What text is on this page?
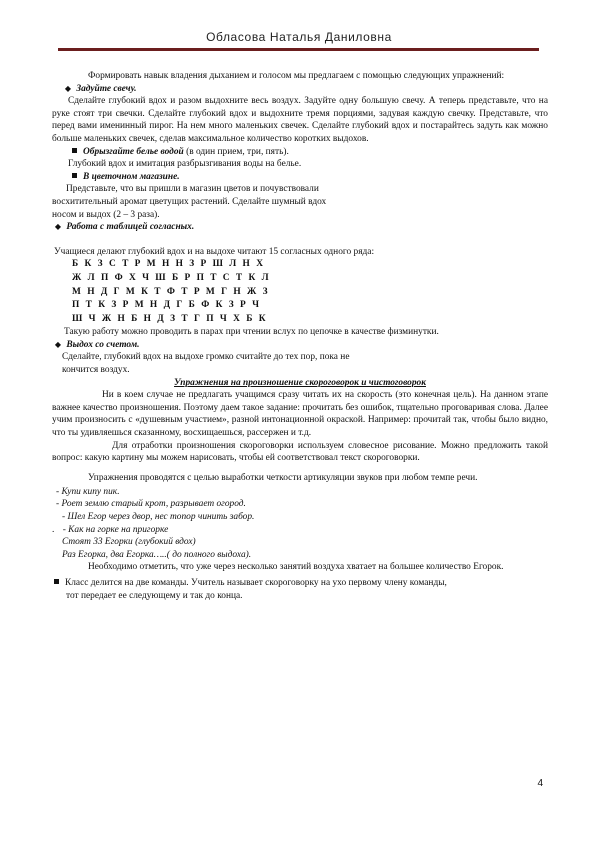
Обласова Наталья Даниловна

Формировать навык владения дыханием и голосом мы предлагаем с помощью следующих упражнений:

◆ Задуйте свечу.

Сделайте глубокий вдох и разом выдохните весь воздух. Задуйте одну большую свечу. А теперь представьте, что на руке стоят три свечки. Сделайте глубокий вдох и выдохните тремя порциями, задувая каждую свечку. Представьте, что перед вами именинный пирог. На нем много маленьких свечек. Сделайте глубокий вдох и постарайтесь задуть как можно больше маленьких свечек, сделав максимальное количество коротких выдохов.

Обрызгайте белье водой (в один прием, три, пять).

Глубокий вдох и имитация разбрызгивания воды на белье.

В цветочном магазине.

Представьте, что вы пришли в магазин цветов и почувствовали

восхитительный аромат цветущих растений. Сделайте шумный вдох

носом и выдох (2 – 3 раза).

◆ Работа с таблицей согласных.

Учащиеся делают глубокий вдох и на выдохе читают 15 согласных одного ряда:

Б К З С Т Р М Н Н З Р Ш Л Н Х
Ж Л П Ф Х Ч Ш Б Р П Т С Т К Л
М Н Д Г М К Т Ф Т Р М Г Н Ж З
П Т К З Р М Н Д Г Б Ф К З Р Ч
Ш Ч Ж Н Б Н Д З Т Г П Ч Х Б К

Такую работу можно проводить в парах при чтении вслух по цепочке в качестве физминутки.

◆ Выдох со счетом.

Сделайте, глубокий вдох на выдохе громко считайте до тех пор, пока не

кончится воздух.

Упражнения на произношение скороговорок и чистоговорок

Ни в коем случае не предлагать учащимся сразу читать их на скорость (это конечная цель). На данном этапе важнее качество произношения. Поэтому даем такое задание: прочитать без ошибок, тщательно проговаривая слова. Далее учим произносить с «душевным участием», разной интонационной окраской. Например: прочитай так, чтобы было видно, что ты удивляешься сказанному, восхищаешься, рассержен и т.д.

Для отработки произношения скороговорки используем словесное рисование. Можно предложить такой вопрос: какую картину мы можем нарисовать, чтобы ей соответствовал текст скороговорки.

Упражнения проводятся с целью выработки четкости артикуляции звуков при любом темпе речи.

- Купи кипу пик.

- Роет землю старый крот, разрывает огород.

- Шел Егор через двор, нес топор чинить забор.

. - Как на горке на пригорке

Стоят 33 Егорки (глубокий вдох)

Раз Егорка, два Егорка…..( до полного выдоха).

Необходимо отметить, что уже через несколько занятий воздуха хватает на большее количество Егорок.

Класс делится на две команды. Учитель называет скороговорку на ухо первому члену команды,

тот передает ее следующему и так до конца.

4
